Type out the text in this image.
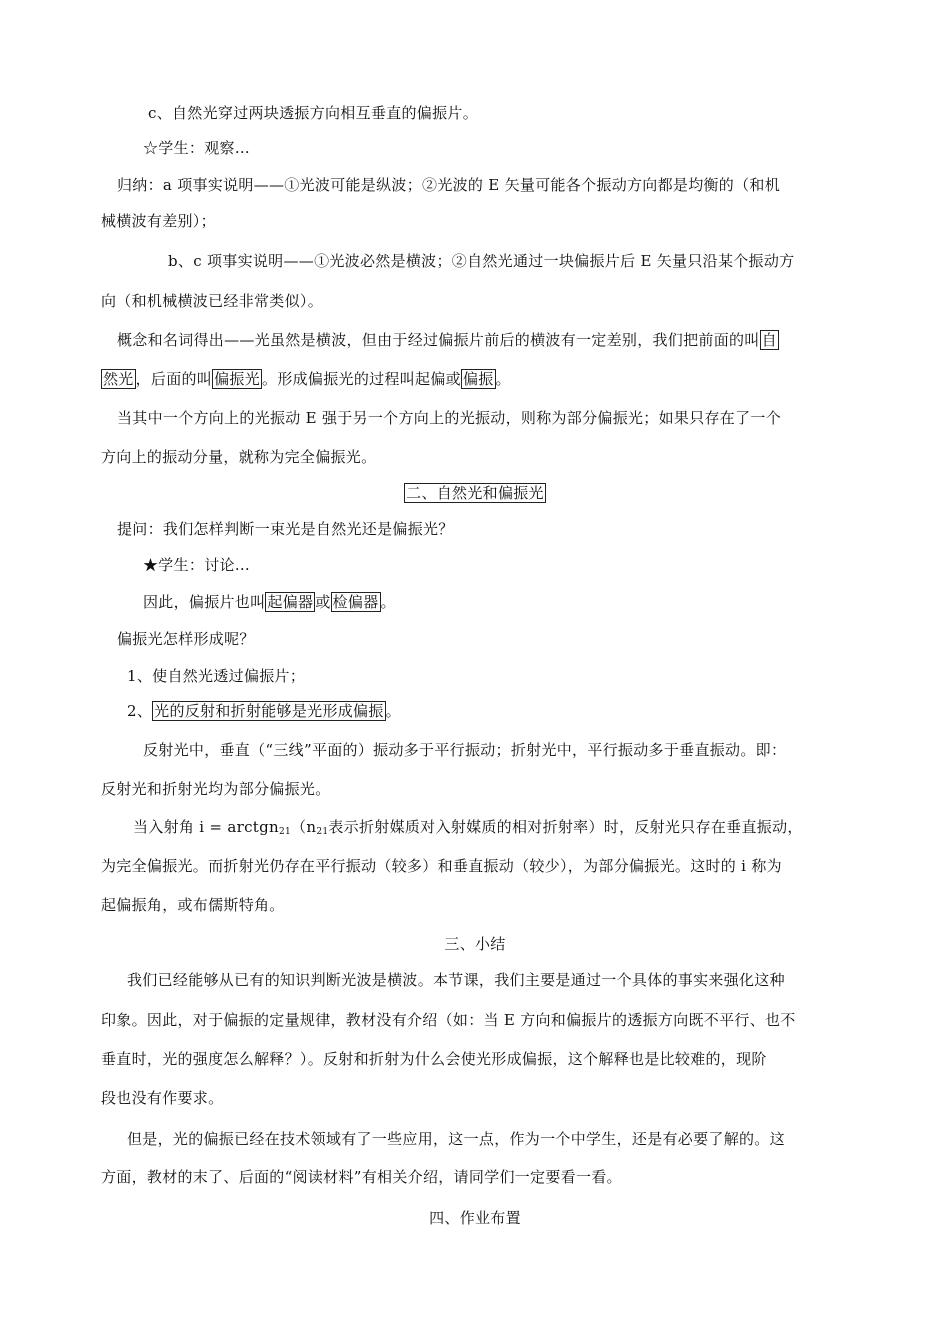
c、自然光穿过两块透振方向相互垂直的偏振片。
☆学生：观察…
归纳：a 项事实说明——①光波可能是纵波；②光波的 E 矢量可能各个振动方向都是均衡的（和机
械横波有差别）；
b、c 项事实说明——①光波必然是横波；②自然光通过一块偏振片后 E 矢量只沿某个振动方
向（和机械横波已经非常类似）。
概念和名词得出——光虽然是横波，但由于经过偏振片前后的横波有一定差别，我们把前面的叫 自
然光 ，后面的叫 偏振光 。形成偏振光的过程叫起偏或 偏振 。
当其中一个方向上的光振动 E 强于另一个方向上的光振动，则称为部分偏振光；如果只存在了一个
方向上的振动分量，就称为完全偏振光。
二、自然光和偏振光
提问：我们怎样判断一束光是自然光还是偏振光？
★学生：讨论…
因此，偏振片也叫 起偏器 或 检偏器 。
偏振光怎样形成呢？
1、使自然光透过偏振片；
2、 光的反射和折射能够是光形成偏振 。
反射光中，垂直（“三线”平面的）振动多于平行振动；折射光中，平行振动多于垂直振动。即：
反射光和折射光均为部分偏振光。
当入射角 $i = arctgn_{21}(n_{21}$表示折射媒质对入射媒质的相对折射率）时，反射光只存在垂直振动，
为完全偏振光。而折射光仍存在平行振动（较多）和垂直振动（较少），为部分偏振光。这时的 i 称为
起偏振角，或布儒斯特角。
三、小结
我们已经能够从已有的知识判断光波是横波。本节课，我们主要是通过一个具体的事实来强化这种
印象。因此，对于偏振的定量规律，教材没有介绍（如：当 E 方向和偏振片的透振方向既不平行、也不
垂直时，光的强度怎么解释？）。反射和折射为什么会使光形成偏振，这个解释也是比较难的，现阶
段也没有作要求。
但是，光的偏振已经在技术领域有了一些应用，这一点，作为一个中学生，还是有必要了解的。这
方面，教材的末了、后面的“阅读材料”有相关介绍，请同学们一定要看一看。
四、作业布置
